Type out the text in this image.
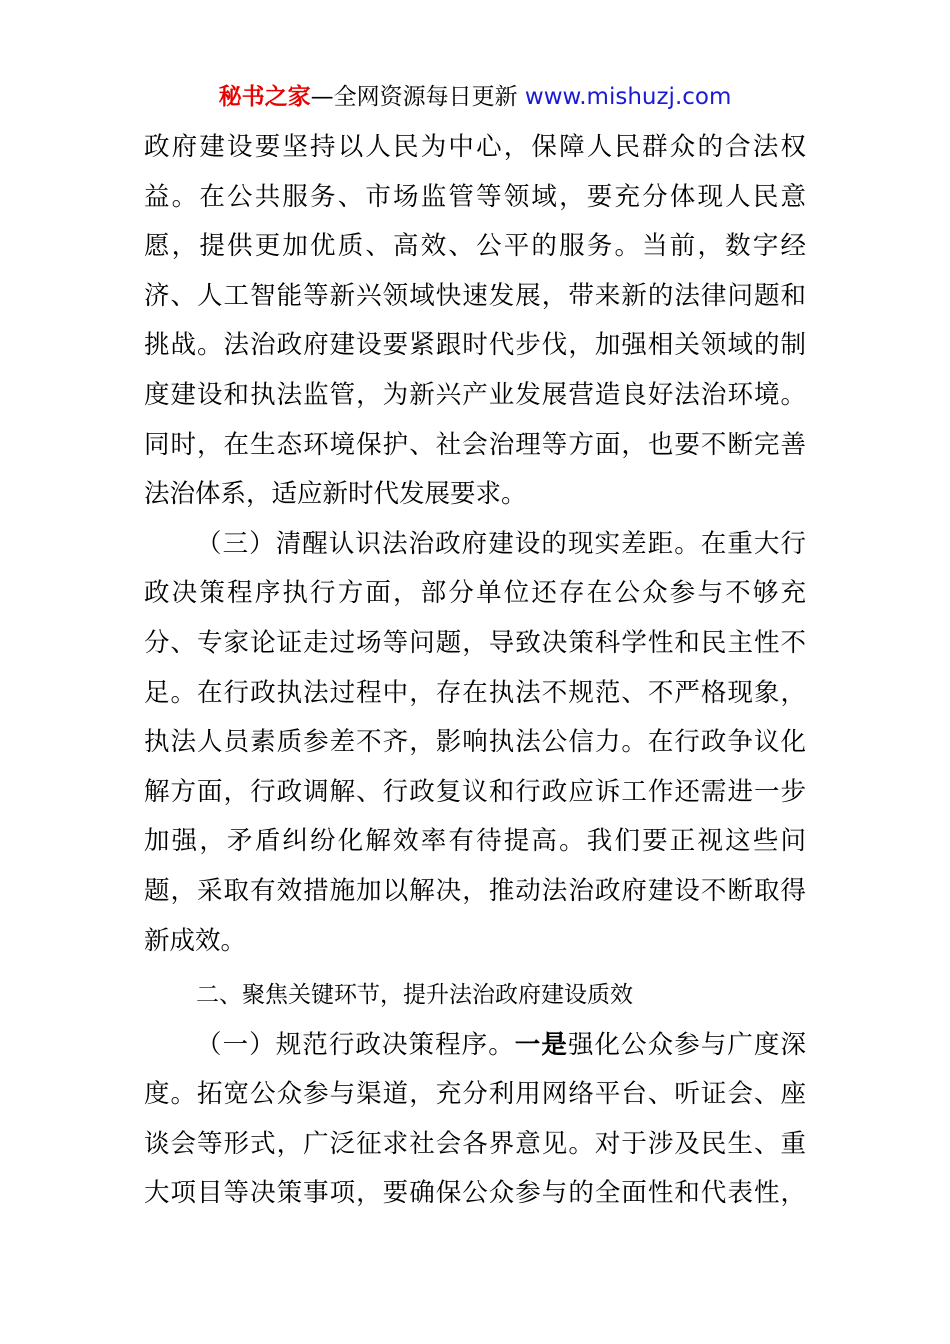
秘书之家—全网资源每日更新 www.mishuzj.com
政府建设要坚持以人民为中心，保障人民群众的合法权
益。在公共服务、市场监管等领域，要充分体现人民意
愿，提供更加优质、高效、公平的服务。当前，数字经
济、人工智能等新兴领域快速发展，带来新的法律问题和
挑战。法治政府建设要紧跟时代步伐，加强相关领域的制
度建设和执法监管，为新兴产业发展营造良好法治环境。
同时，在生态环境保护、社会治理等方面，也要不断完善
法治体系，适应新时代发展要求。
（三）清醒认识法治政府建设的现实差距。在重大行
政决策程序执行方面，部分单位还存在公众参与不够充
分、专家论证走过场等问题，导致决策科学性和民主性不
足。在行政执法过程中，存在执法不规范、不严格现象，
执法人员素质参差不齐，影响执法公信力。在行政争议化
解方面，行政调解、行政复议和行政应诉工作还需进一步
加强，矛盾纠纷化解效率有待提高。我们要正视这些问
题，采取有效措施加以解决，推动法治政府建设不断取得
新成效。
二、聚焦关键环节，提升法治政府建设质效
（一）规范行政决策程序。一是强化公众参与广度深
度。拓宽公众参与渠道，充分利用网络平台、听证会、座
谈会等形式，广泛征求社会各界意见。对于涉及民生、重
大项目等决策事项，要确保公众参与的全面性和代表性，
